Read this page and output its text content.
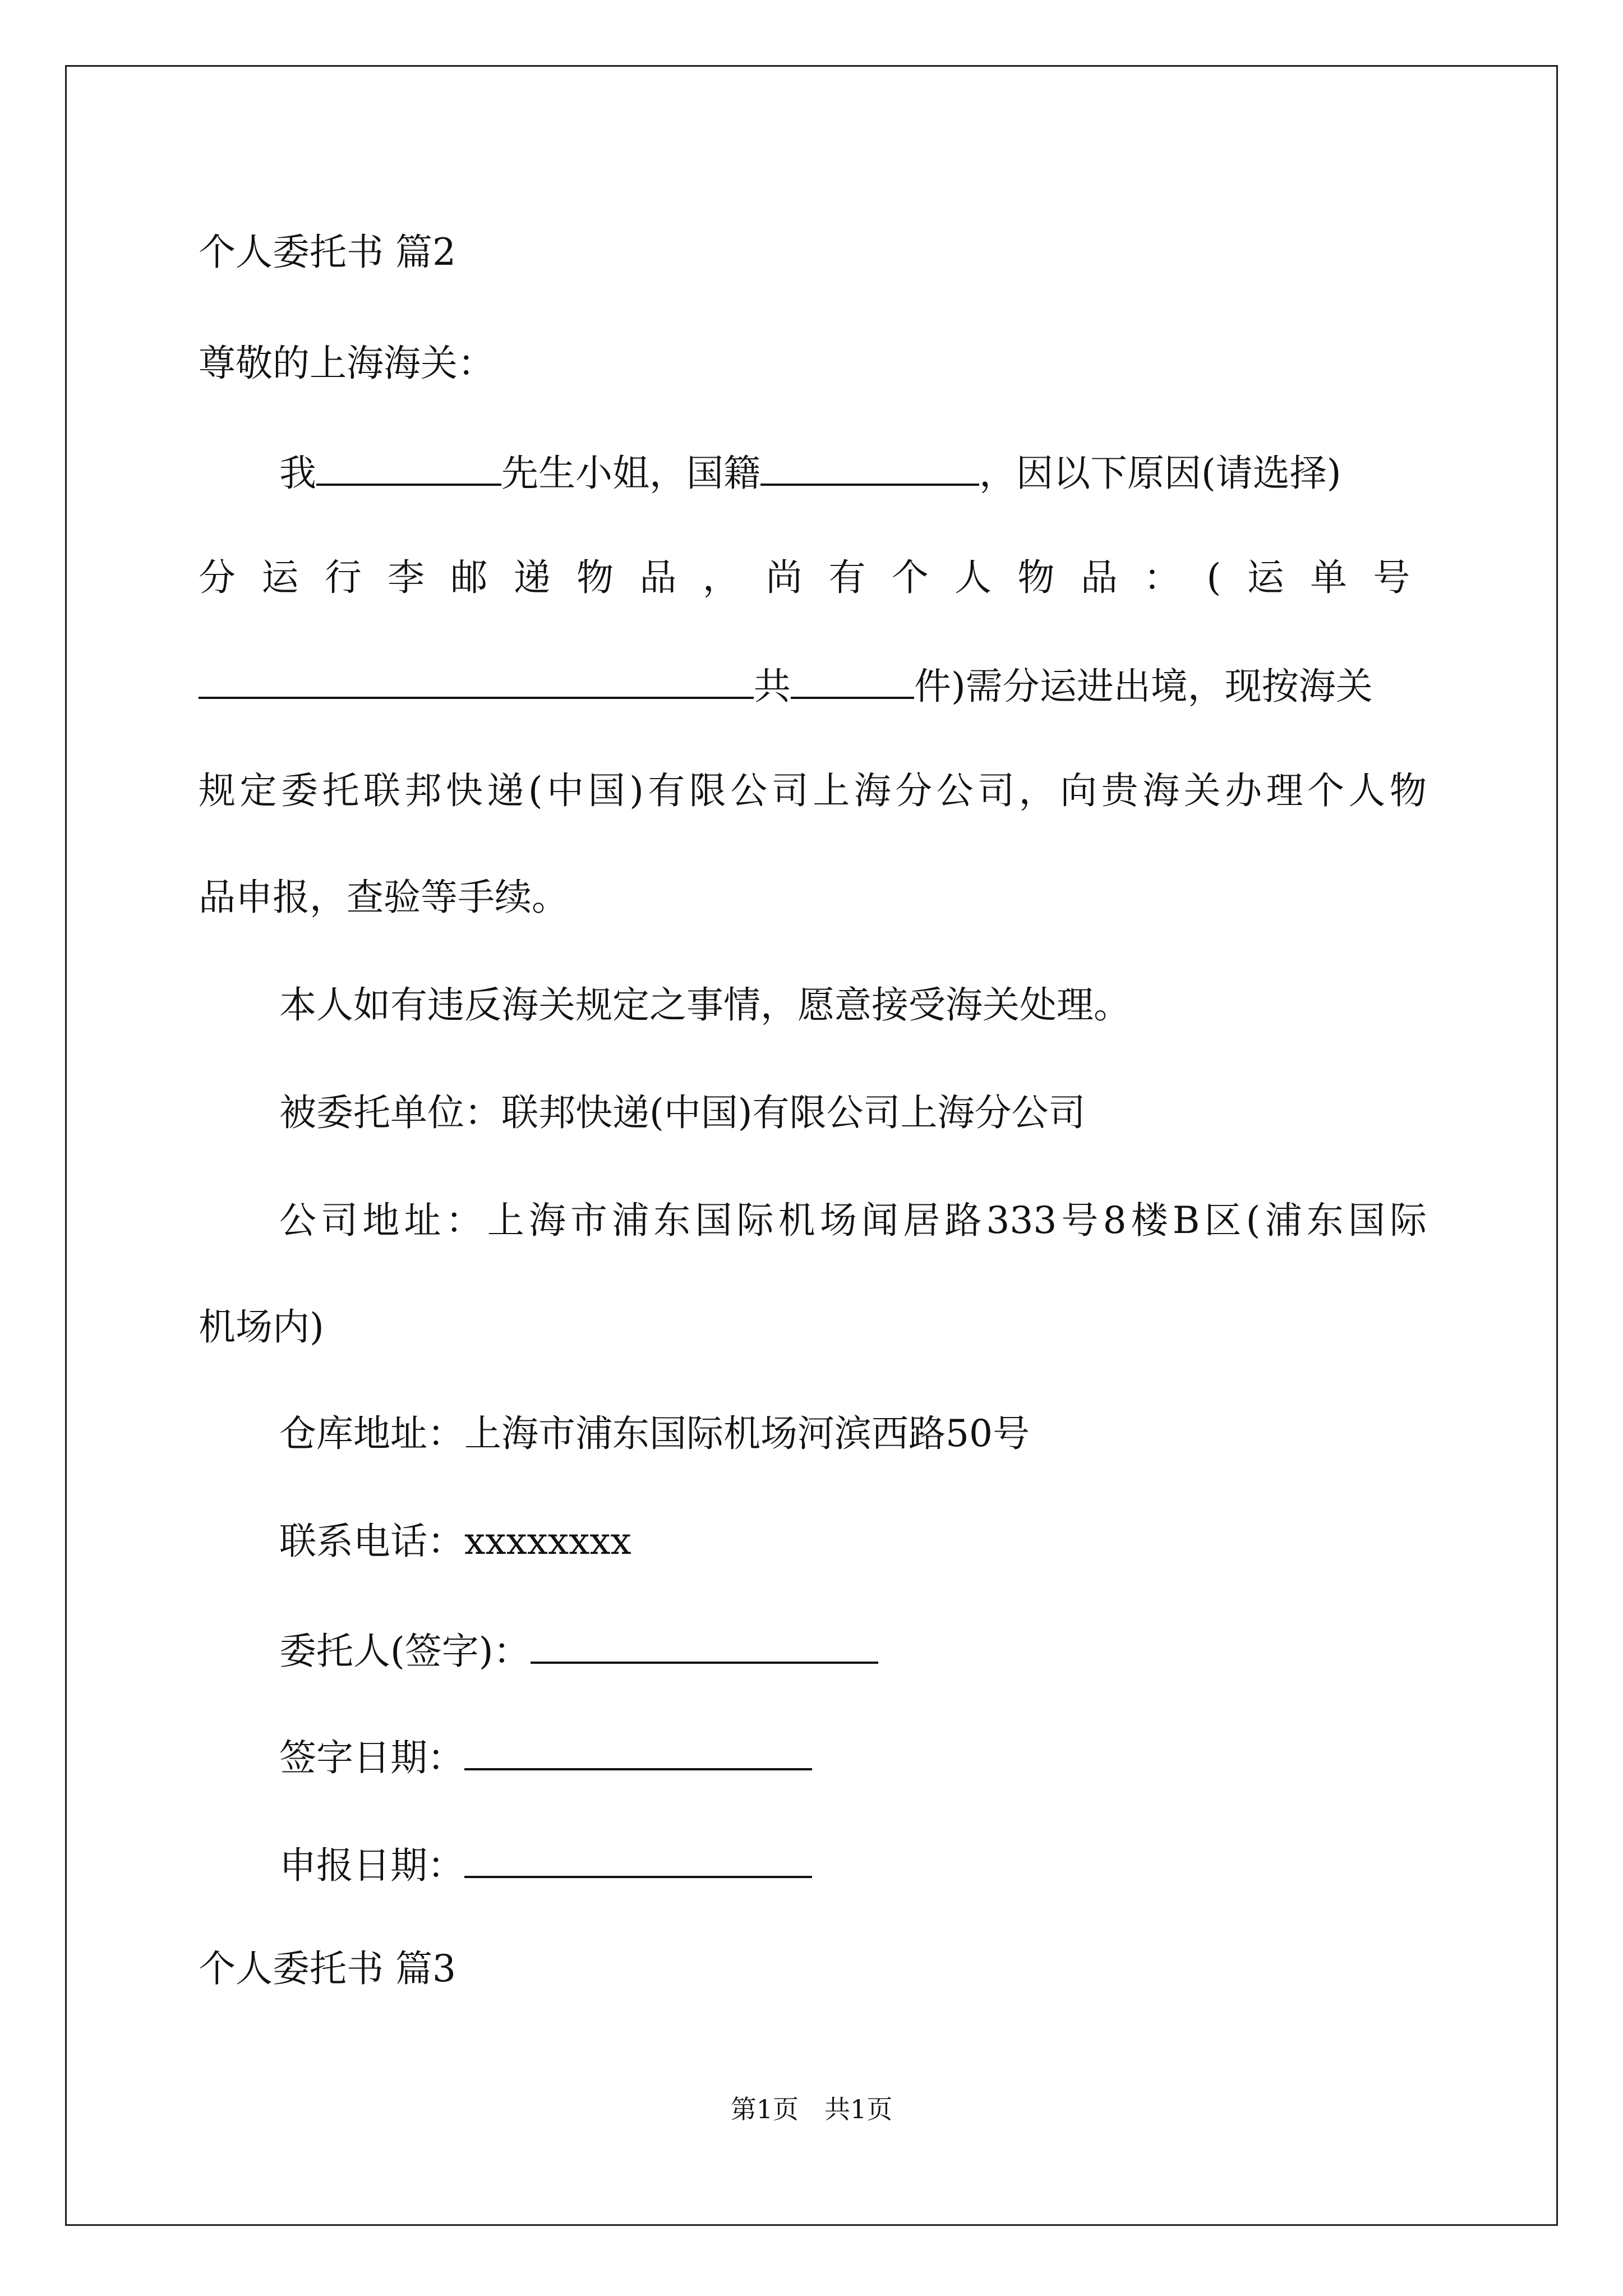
个人委托书 篇2
尊敬的上海海关：
我	先生小姐，国籍	，因以下原因(请选择)
分运行李邮递物品，尚有个人物品：(运单号
共	件)需分运进出境，现按海关
规定委托联邦快递(中国)有限公司上海分公司，向贵海关办理个人物
品申报，查验等手续。
本人如有违反海关规定之事情，愿意接受海关处理。
被委托单位：联邦快递(中国)有限公司上海分公司
公司地址：上海市浦东国际机场闻居路333号8楼B区(浦东国际
机场内)
仓库地址：上海市浦东国际机场河滨西路50号
联系电话：xxxxxxxx
委托人(签字)：
签字日期：
申报日期：
个人委托书 篇3
第1页　共1页
